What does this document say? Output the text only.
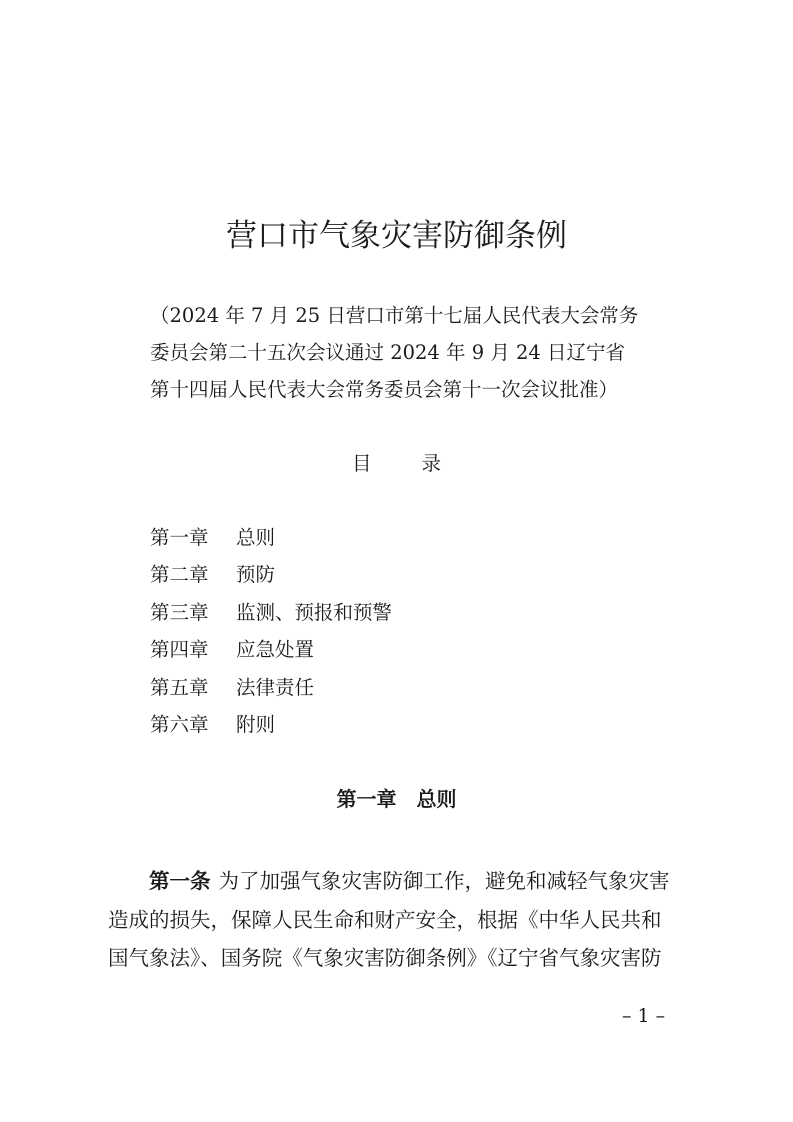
营口市气象灾害防御条例
（2024 年 7 月 25 日营口市第十七届人民代表大会常务
委员会第二十五次会议通过 2024 年 9 月 24 日辽宁省
第十四届人民代表大会常务委员会第十一次会议批准）
目	录
第一章 总则
第二章 预防
第三章 监测、预报和预警
第四章 应急处置
第五章 法律责任
第六章 附则
第一章 总则
第一条 为了加强气象灾害防御工作，避免和减轻气象灾害
造成的损失，保障人民生命和财产安全，根据《中华人民共和
国气象法》、国务院《气象灾害防御条例》《辽宁省气象灾害防
– 1 –
